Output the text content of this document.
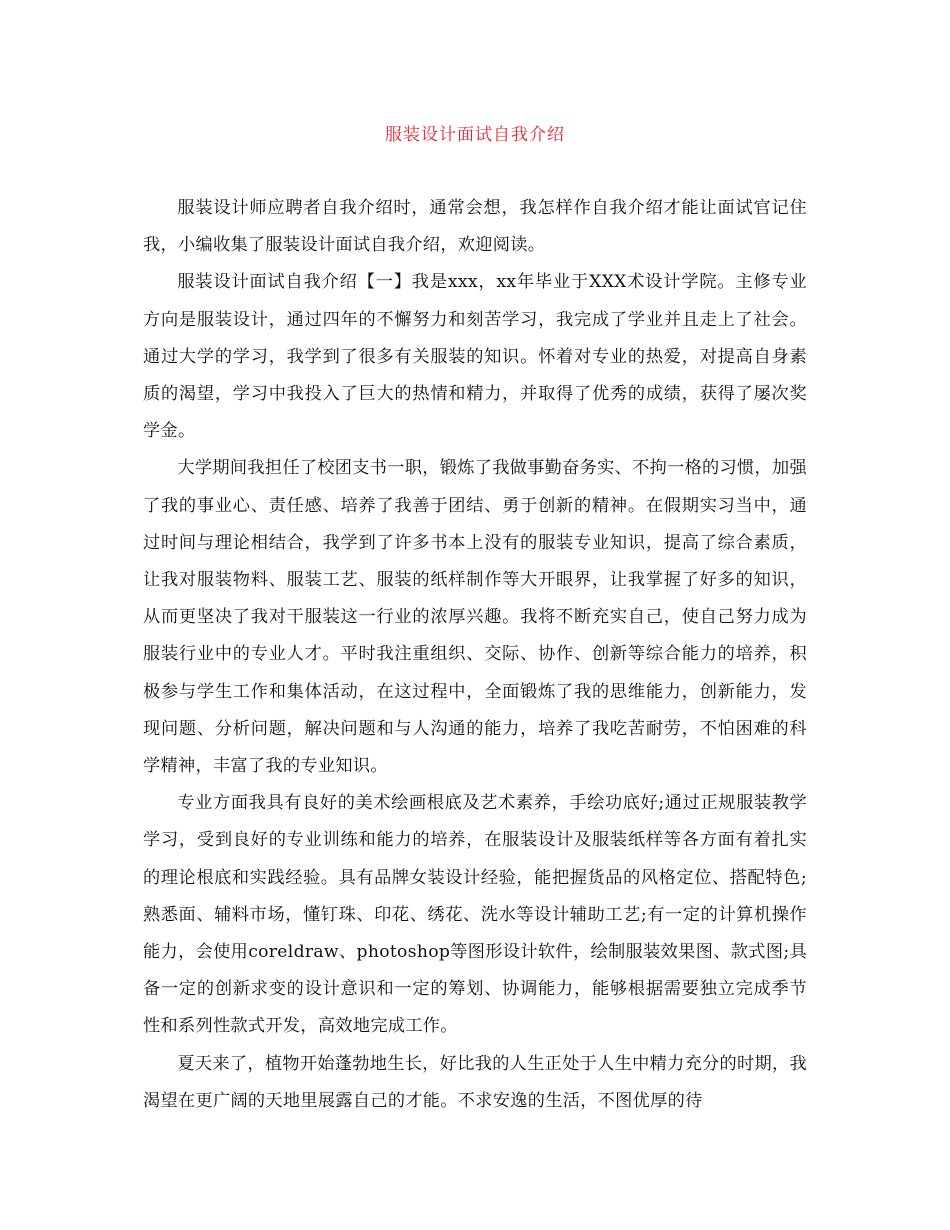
服装设计面试自我介绍

服装设计师应聘者自我介绍时，通常会想，我怎样作自我介绍才能让面试官记住我，小编收集了服装设计面试自我介绍，欢迎阅读。

服装设计面试自我介绍【一】我是xxx，xx年毕业于XXX术设计学院。主修专业方向是服装设计，通过四年的不懈努力和刻苦学习，我完成了学业并且走上了社会。通过大学的学习，我学到了很多有关服装的知识。怀着对专业的热爱，对提高自身素质的渴望，学习中我投入了巨大的热情和精力，并取得了优秀的成绩，获得了屡次奖学金。

大学期间我担任了校团支书一职，锻炼了我做事勤奋务实、不拘一格的习惯，加强了我的事业心、责任感、培养了我善于团结、勇于创新的精神。在假期实习当中，通过时间与理论相结合，我学到了许多书本上没有的服装专业知识，提高了综合素质，让我对服装物料、服装工艺、服装的纸样制作等大开眼界，让我掌握了好多的知识，从而更坚决了我对干服装这一行业的浓厚兴趣。我将不断充实自己，使自己努力成为服装行业中的专业人才。平时我注重组织、交际、协作、创新等综合能力的培养，积极参与学生工作和集体活动，在这过程中，全面锻炼了我的思维能力，创新能力，发现问题、分析问题，解决问题和与人沟通的能力，培养了我吃苦耐劳，不怕困难的科学精神，丰富了我的专业知识。

专业方面我具有良好的美术绘画根底及艺术素养，手绘功底好;通过正规服装教学学习，受到良好的专业训练和能力的培养，在服装设计及服装纸样等各方面有着扎实的理论根底和实践经验。具有品牌女装设计经验，能把握货品的风格定位、搭配特色;熟悉面、辅料市场，懂钉珠、印花、绣花、洗水等设计辅助工艺;有一定的计算机操作能力，会使用coreldraw、photoshop等图形设计软件，绘制服装效果图、款式图;具备一定的创新求变的设计意识和一定的筹划、协调能力，能够根据需要独立完成季节性和系列性款式开发，高效地完成工作。

夏天来了，植物开始蓬勃地生长，好比我的人生正处于人生中精力充分的时期，我渴望在更广阔的天地里展露自己的才能。不求安逸的生活，不图优厚的待
